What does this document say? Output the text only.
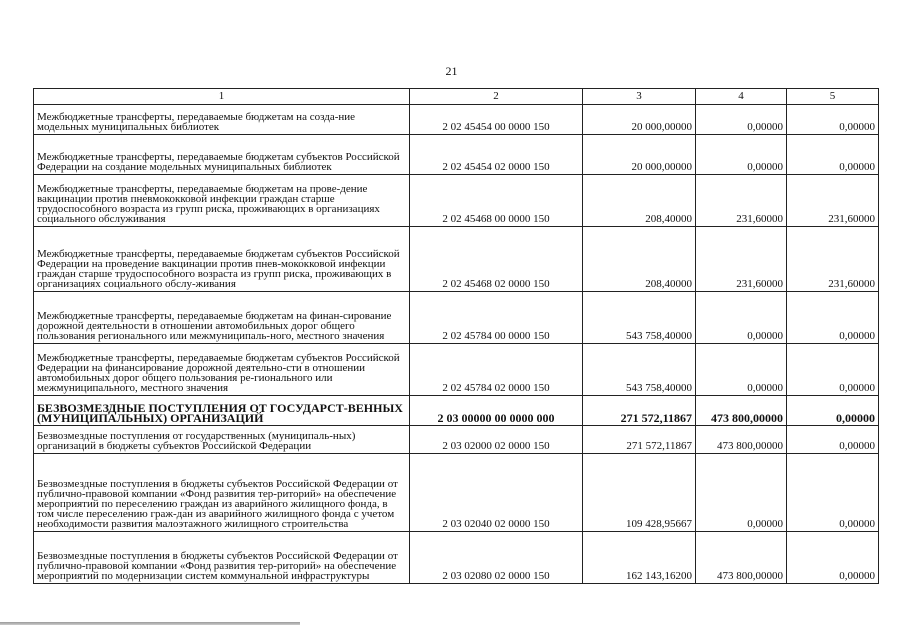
21
1	2	3	4	5
Межбюджетные трансферты, передаваемые бюджетам на созда-ние модельных муниципальных библиотек	2 02 45454 00 0000 150	20 000,00000	0,00000	0,00000
Межбюджетные трансферты, передаваемые бюджетам субъектов Российской Федерации на создание модельных муниципальных библиотек	2 02 45454 02 0000 150	20 000,00000	0,00000	0,00000
Межбюджетные трансферты, передаваемые бюджетам на прове-дение вакцинации против пневмококковой инфекции граждан старше трудоспособного возраста из групп риска, проживающих в организациях социального обслуживания	2 02 45468 00 0000 150	208,40000	231,60000	231,60000
Межбюджетные трансферты, передаваемые бюджетам субъектов Российской Федерации на проведение вакцинации против пнев-мококковой инфекции граждан старше трудоспособного возраста из групп риска, проживающих в организациях социального обслу-живания	2 02 45468 02 0000 150	208,40000	231,60000	231,60000
Межбюджетные трансферты, передаваемые бюджетам на финан-сирование дорожной деятельности в отношении автомобильных дорог общего пользования регионального или межмуниципаль-ного, местного значения	2 02 45784 00 0000 150	543 758,40000	0,00000	0,00000
Межбюджетные трансферты, передаваемые бюджетам субъектов Российской Федерации на финансирование дорожной деятельно-сти в отношении автомобильных дорог общего пользования ре-гионального или межмуниципального, местного значения	2 02 45784 02 0000 150	543 758,40000	0,00000	0,00000
БЕЗВОЗМЕЗДНЫЕ ПОСТУПЛЕНИЯ ОТ ГОСУДАРСТ-ВЕННЫХ (МУНИЦИПАЛЬНЫХ) ОРГАНИЗАЦИЙ	2 03 00000 00 0000 000	271 572,11867	473 800,00000	0,00000
Безвозмездные поступления от государственных (муниципаль-ных) организаций в бюджеты субъектов Российской Федерации	2 03 02000 02 0000 150	271 572,11867	473 800,00000	0,00000
Безвозмездные поступления в бюджеты субъектов Российской Федерации от публично-правовой компании «Фонд развития тер-риторий» на обеспечение мероприятий по переселению граждан из аварийного жилищного фонда, в том числе переселению граж-дан из аварийного жилищного фонда с учетом необходимости развития малоэтажного жилищного строительства	2 03 02040 02 0000 150	109 428,95667	0,00000	0,00000
Безвозмездные поступления в бюджеты субъектов Российской Федерации от публично-правовой компании «Фонд развития тер-риторий» на обеспечение мероприятий по модернизации систем коммунальной инфраструктуры	2 03 02080 02 0000 150	162 143,16200	473 800,00000	0,00000
